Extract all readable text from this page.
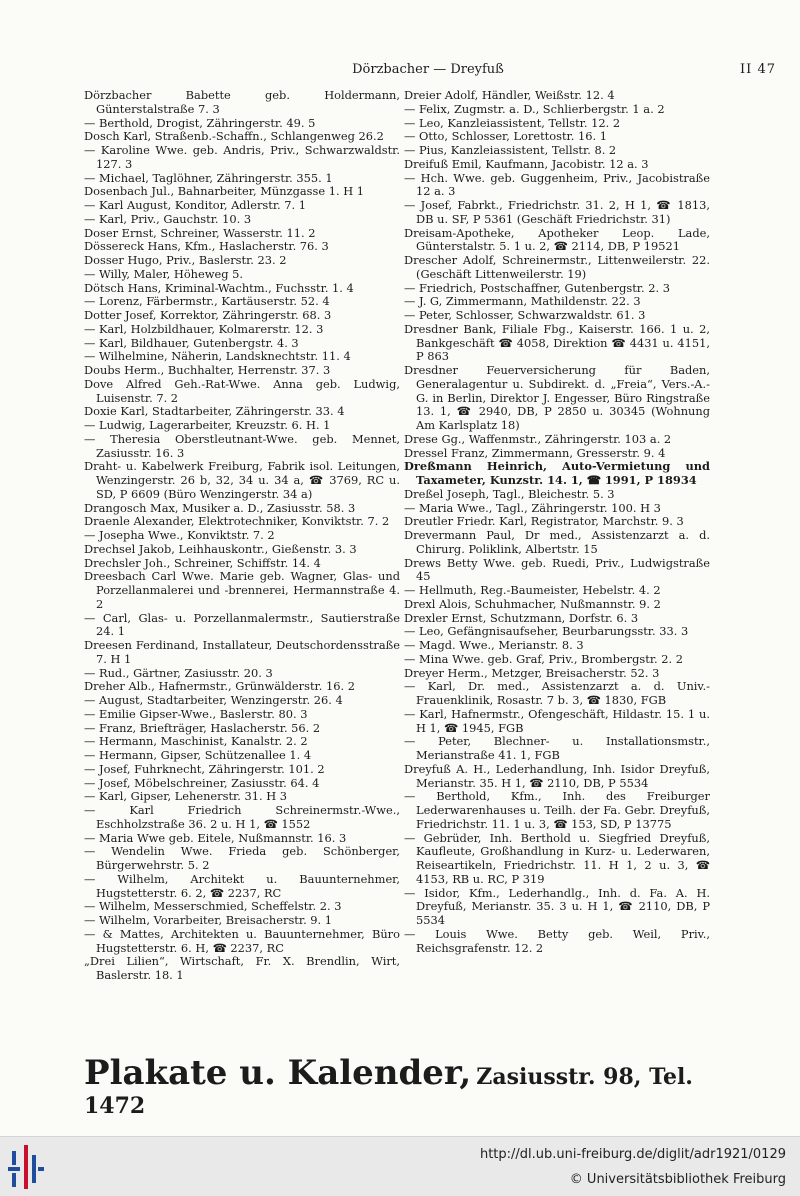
Dörzbacher — Dreyfuß	II 47
Dörzbacher Babette geb. Holdermann, Günterstalstraße 7. 3
— Berthold, Drogist, Zähringerstr. 49. 5
Dosch Karl, Straßenb.-Schaffn., Schlangenweg 26.2
— Karoline Wwe. geb. Andris, Priv., Schwarzwaldstr. 127. 3
— Michael, Taglöhner, Zähringerstr. 355. 1
Dosenbach Jul., Bahnarbeiter, Münzgasse 1. H 1
— Karl August, Konditor, Adlerstr. 7. 1
— Karl, Priv., Gauchstr. 10. 3
Doser Ernst, Schreiner, Wasserstr. 11. 2
Dössereck Hans, Kfm., Haslacherstr. 76. 3
Dosser Hugo, Priv., Baslerstr. 23. 2
— Willy, Maler, Höheweg 5.
Dötsch Hans, Kriminal-Wachtm., Fuchsstr. 1. 4
— Lorenz, Färbermstr., Kartäuserstr. 52. 4
Dotter Josef, Korrektor, Zähringerstr. 68. 3
— Karl, Holzbildhauer, Kolmarerstr. 12. 3
— Karl, Bildhauer, Gutenbergstr. 4. 3
— Wilhelmine, Näherin, Landsknechtstr. 11. 4
Doubs Herm., Buchhalter, Herrenstr. 37. 3
Dove Alfred Geh.-Rat-Wwe. Anna geb. Ludwig, Luisenstr. 7. 2
Doxie Karl, Stadtarbeiter, Zähringerstr. 33. 4
— Ludwig, Lagerarbeiter, Kreuzstr. 6. H. 1
— Theresia Oberstleutnant-Wwe. geb. Mennet, Zasiusstr. 16. 3
Draht- u. Kabelwerk Freiburg, Fabrik isol. Leitungen, Wenzingerstr. 26 b, 32, 34 u. 34 a, ☎ 3769, RC u. SD, P 6609 (Büro Wenzingerstr. 34 a)
Drangosch Max, Musiker a. D., Zasiusstr. 58. 3
Draenle Alexander, Elektrotechniker, Konviktstr. 7. 2
— Josepha Wwe., Konviktstr. 7. 2
Drechsel Jakob, Leihhauskontr., Gießenstr. 3. 3
Drechsler Joh., Schreiner, Schiffstr. 14. 4
Dreesbach Carl Wwe. Marie geb. Wagner, Glas- und Porzellanmalerei und -brennerei, Hermannstraße 4. 2
— Carl, Glas- u. Porzellanmalermstr., Sautierstraße 24. 1
Dreesen Ferdinand, Installateur, Deutschordensstraße 7. H 1
— Rud., Gärtner, Zasiusstr. 20. 3
Dreher Alb., Hafnermstr., Grünwälderstr. 16. 2
— August, Stadtarbeiter, Wenzingerstr. 26. 4
— Emilie Gipser-Wwe., Baslerstr. 80. 3
— Franz, Briefträger, Haslacherstr. 56. 2
— Hermann, Maschinist, Kanalstr. 2. 2
— Hermann, Gipser, Schützenallee 1. 4
— Josef, Fuhrknecht, Zähringerstr. 101. 2
— Josef, Möbelschreiner, Zasiusstr. 64. 4
— Karl, Gipser, Lehenerstr. 31. H 3
— Karl Friedrich Schreinermstr.-Wwe., Eschholzstraße 36. 2 u. H 1, ☎ 1552
— Maria Wwe geb. Eitele, Nußmannstr. 16. 3
— Wendelin Wwe. Frieda geb. Schönberger, Bürgerwehrstr. 5. 2
— Wilhelm, Architekt u. Bauunternehmer, Hugstetterstr. 6. 2, ☎ 2237, RC
— Wilhelm, Messerschmied, Scheffelstr. 2. 3
— Wilhelm, Vorarbeiter, Breisacherstr. 9. 1
— & Mattes, Architekten u. Bauunternehmer, Büro Hugstetterstr. 6. H, ☎ 2237, RC
„Drei Lilien“, Wirtschaft, Fr. X. Brendlin, Wirt, Baslerstr. 18. 1
Dreier Adolf, Händler, Weißstr. 12. 4
— Felix, Zugmstr. a. D., Schlierbergstr. 1 a. 2
— Leo, Kanzleiassistent, Tellstr. 12. 2
— Otto, Schlosser, Lorettostr. 16. 1
— Pius, Kanzleiassistent, Tellstr. 8. 2
Dreifuß Emil, Kaufmann, Jacobistr. 12 a. 3
— Hch. Wwe. geb. Guggenheim, Priv., Jacobistraße 12 a. 3
— Josef, Fabrkt., Friedrichstr. 31. 2, H 1, ☎ 1813, DB u. SF, P 5361 (Geschäft Friedrichstr. 31)
Dreisam-Apotheke, Apotheker Leop. Lade, Günterstalstr. 5. 1 u. 2, ☎ 2114, DB, P 19521
Drescher Adolf, Schreinermstr., Littenweilerstr. 22. (Geschäft Littenweilerstr. 19)
— Friedrich, Postschaffner, Gutenbergstr. 2. 3
— J. G, Zimmermann, Mathildenstr. 22. 3
— Peter, Schlosser, Schwarzwaldstr. 61. 3
Dresdner Bank, Filiale Fbg., Kaiserstr. 166. 1 u. 2, Bankgeschäft ☎ 4058, Direktion ☎ 4431 u. 4151, P 863
Dresdner Feuerversicherung für Baden, Generalagentur u. Subdirekt. d. „Freia“, Vers.-A.-G. in Berlin, Direktor J. Engesser, Büro Ringstraße 13. 1, ☎ 2940, DB, P 2850 u. 30345 (Wohnung Am Karlsplatz 18)
Drese Gg., Waffenmstr., Zähringerstr. 103 a. 2
Dressel Franz, Zimmermann, Gresserstr. 9. 4
Dreßmann Heinrich, Auto-Vermietung und Taxameter, Kunzstr. 14. 1, ☎ 1991, P 18934
Dreßel Joseph, Tagl., Bleichestr. 5. 3
— Maria Wwe., Tagl., Zähringerstr. 100. H 3
Dreutler Friedr. Karl, Registrator, Marchstr. 9. 3
Drevermann Paul, Dr med., Assistenzarzt a. d. Chirurg. Poliklink, Albertstr. 15
Drews Betty Wwe. geb. Ruedi, Priv., Ludwigstraße 45
— Hellmuth, Reg.-Baumeister, Hebelstr. 4. 2
Drexl Alois, Schuhmacher, Nußmannstr. 9. 2
Drexler Ernst, Schutzmann, Dorfstr. 6. 3
— Leo, Gefängnisaufseher, Beurbarungsstr. 33. 3
— Magd. Wwe., Merianstr. 8. 3
— Mina Wwe. geb. Graf, Priv., Brombergstr. 2. 2
Dreyer Herm., Metzger, Breisacherstr. 52. 3
— Karl, Dr. med., Assistenzarzt a. d. Univ.-Frauenklinik, Rosastr. 7 b. 3, ☎ 1830, FGB
— Karl, Hafnermstr., Ofengeschäft, Hildastr. 15. 1 u. H 1, ☎ 1945, FGB
— Peter, Blechner- u. Installationsmstr., Merianstraße 41. 1, FGB
Dreyfuß A. H., Lederhandlung, Inh. Isidor Dreyfuß, Merianstr. 35. H 1, ☎ 2110, DB, P 5534
— Berthold, Kfm., Inh. des Freiburger Lederwarenhauses u. Teilh. der Fa. Gebr. Dreyfuß, Friedrichstr. 11. 1 u. 3, ☎ 153, SD, P 13775
— Gebrüder, Inh. Berthold u. Siegfried Dreyfuß, Kaufleute, Großhandlung in Kurz- u. Lederwaren, Reiseartikeln, Friedrichstr. 11. H 1, 2 u. 3, ☎ 4153, RB u. RC, P 319
— Isidor, Kfm., Lederhandlg., Inh. d. Fa. A. H. Dreyfuß, Merianstr. 35. 3 u. H 1, ☎ 2110, DB, P 5534
— Louis Wwe. Betty geb. Weil, Priv., Reichsgrafenstr. 12. 2
Plakate u. Kalender, Zasiusstr. 98, Tel. 1472
http://dl.ub.uni-freiburg.de/diglit/adr1921/0129
© Universitätsbibliothek Freiburg
